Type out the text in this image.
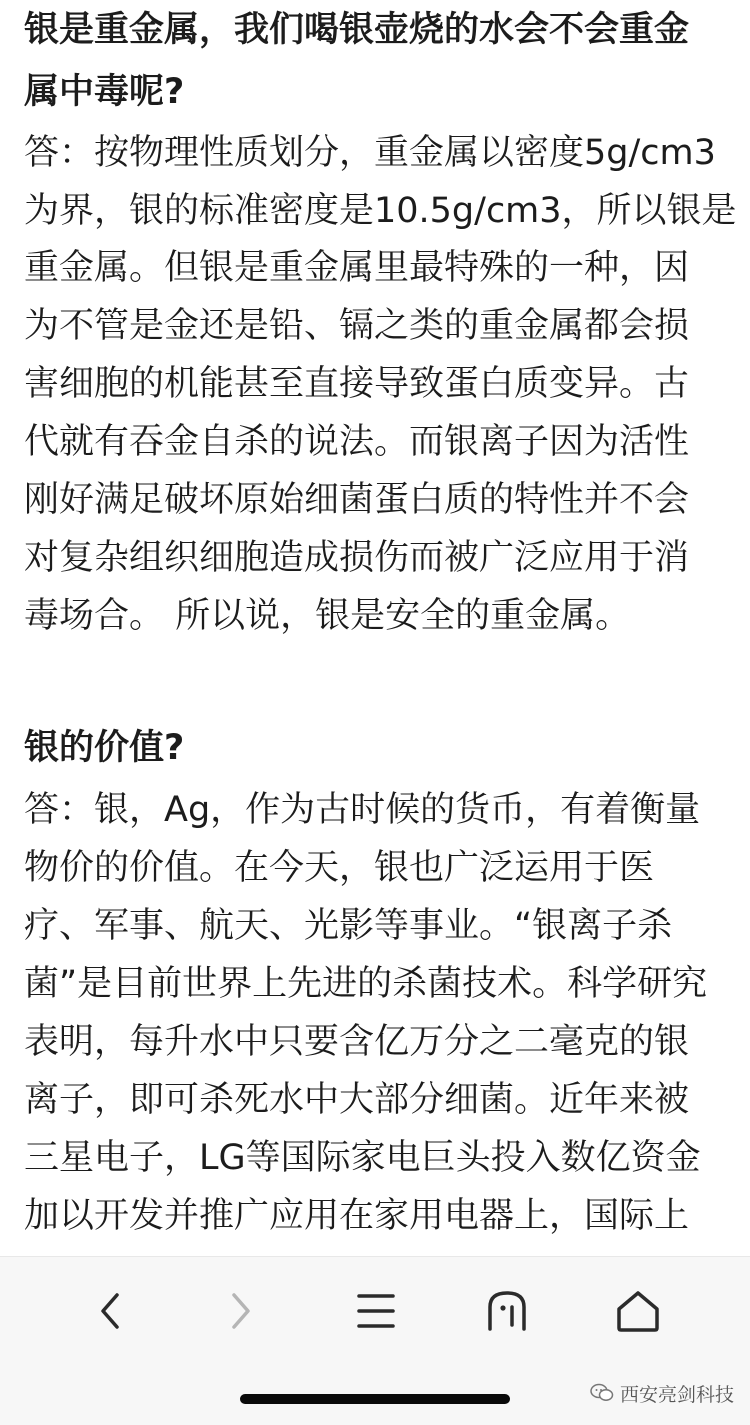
银是重金属，我们喝银壶烧的水会不会重金
属中毒呢?
答：按物理性质划分，重金属以密度5g/cm3
为界，银的标准密度是10.5g/cm3，所以银是
重金属。但银是重金属里最特殊的一种，因
为不管是金还是铅、镉之类的重金属都会损
害细胞的机能甚至直接导致蛋白质变异。古
代就有吞金自杀的说法。而银离子因为活性
刚好满足破坏原始细菌蛋白质的特性并不会
对复杂组织细胞造成损伤而被广泛应用于消
毒场合。 所以说，银是安全的重金属。
银的价值?
答：银，Ag，作为古时候的货币，有着衡量
物价的价值。在今天，银也广泛运用于医
疗、军事、航天、光影等事业。“银离子杀
菌”是目前世界上先进的杀菌技术。科学研究
表明，每升水中只要含亿万分之二毫克的银
离子，即可杀死水中大部分细菌。近年来被
三星电子，LG等国际家电巨头投入数亿资金
加以开发并推广应用在家用电器上，国际上
西安亮剑科技
